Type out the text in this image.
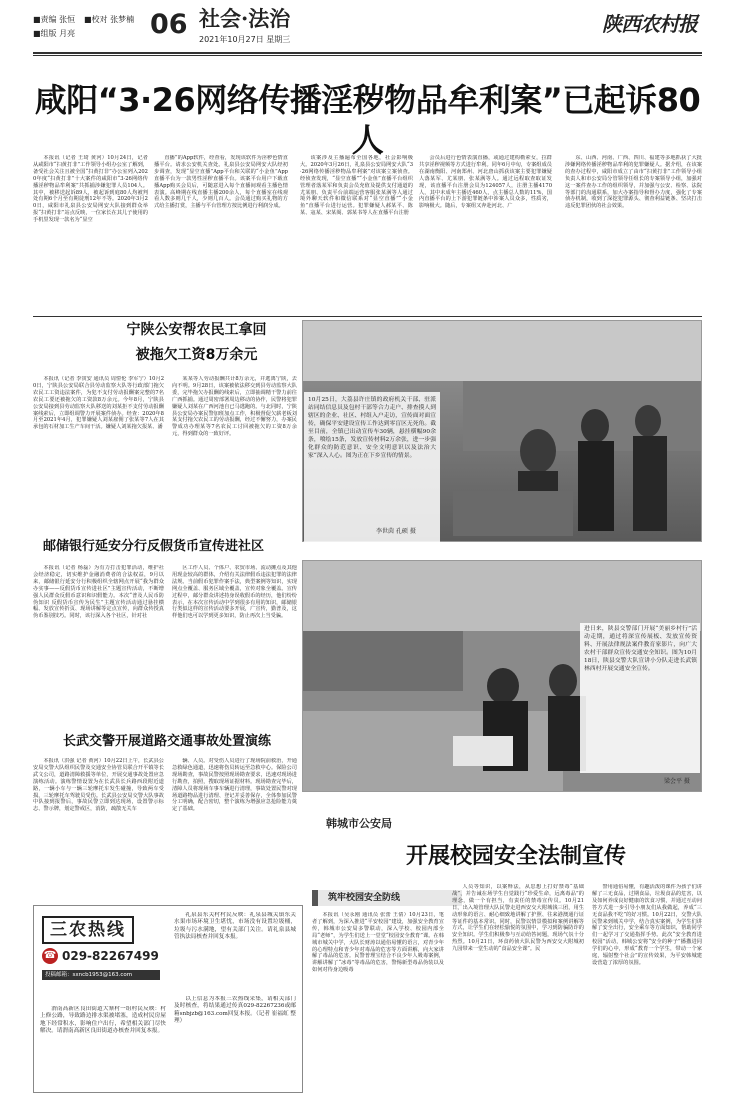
■责编 张恒 ■校对 张梦楠
■组版 月亮	06 社会·法治
2021年10月27日 星期三
陕西农村报
咸阳“3·26网络传播淫秽物品牟利案”已起诉80人

本报讯（记者 王琦 黄河）10月24日，记者从咸阳市“扫黄打非”工作领导小组办公室了解到，备受社会关注且被全国“扫黄打非”办公室列入2020年度“扫黄打非”十大案件的咸阳市“3·26网络传播淫秽物品牟利案”共抓捕涉嫌犯罪人员104人。其中，被移送起诉89人，被起诉到庭80人均被判处有期6个月至有期徒刑12年不等。2020年3月20日，咸阳市礼泉县公安局网安大队接到群众举报“扫黄打非”站点反映，一位家长在其儿子使用的手机里发现一款名为“显空

直播”的App软件，经查看，发现该软件为淫秽色情直播平台。请求公安机关查处。礼泉县公安局网安大队经初步调查，发现“显空直播”App平台和关联的“小金鱼”App直播平台为一款男性淫秽直播平台。该案平台用户下载直播App购买会员后，可随意进入每个直播间观看主播色情表演。高峰期在线直播主播200余人，每个直播室在线观看人数多则几千人，少则几百人。会员通过购买礼物的方式给主播打赏，主播与平台管理方按比例进行利润分成。

该案涉及主播遍布全国各地，社会影响极大。2020年3月26日，礼泉县公安局网安大队“3·26网络传播淫秽物品牟利案”对该案立案侦查。经侦查发现，“显空直播”“小金鱼”直播平台组织管理者落某军和负责会员充值及提供支付通道的尤某朋、负责平台前端运营客服张某满等人通过境外聊天软件和微信联系对“显空直播”“小金鱼”直播平台进行运营。犯罪嫌疑人郝某平、陈某、寇某、宋某阁、郭某书等人在直播平台注册

会员后进行色情表演直播，或通过建构勒索女，拉群共享淫秽视频等方式进行牟利。同年6月中旬，专案组成员在湖南衡阳、河南郑州、河北唐山抓获该案主要犯罪嫌疑人落某军、尤某朋、张某满等人。通过远程取查取证发现，该直播平台注册会员为124057人，注册主播4170人，其中未成年主播近460人，点主播总人数的11%，国内直播平台的上下游犯罪链条中涉案人员众多，性质劣，影响极大。随后，专案组又奔赴河北、广

东、山西、河南、广西、四川、福建等多地抓获了大批涉嫌网络传播淫秽物品牟利的犯罪嫌疑人。据介绍，在该案的查办过程中，咸阳市成立了由市“扫黄打非”工作领导小组负责人和市公安局分管领导任组长的专案领导小组，加强对这一案件查办工作的组织领导，并加强与公安、检察、法院等部门的沟通联系，加大办案指导和督办力度，强化了专案侦办机制，收到了深挖犯罪源头、彻查利益链条、坚决打击违反犯罪团伙的社会效果。

宁陕公安帮农民工拿回
被拖欠工资8万余元

本报讯（记者 李寅安 通讯员 周愷伦 李军宁）10月20日，宁陕县公安局联合县劳动监察大队等行政部门拖欠农民工工资违法案件，为犯不支付劳动报酬案完整的7名农民工要还被拖欠的工资款8万余元。今年8月，宁陕县公安局接到县劳动监察大队移送的刘某拒不支付劳动报酬案线索后，立即组调警力开展案件侦办。经查：2020年8月至2021年4月，犯罪嫌疑人刘某雇佣了张某等7人在其承包的石材加工生产车间干活。嫌疑人刘某拖欠报某、潘

某某等人劳动报酬共计8万余元，并逃离宁陕，去向不明。9月28日，该案被依法移交到县劳动监察大队委，完毕拖欠办报酬的线索后，立即抽调精干警力前往广西抓捕。通过周密部署周边移动的协作，民警将犯罪嫌疑人刘某在广西河池自已马逃跑的。与北同时，宁陕县公安局办案民警加班加点工作，积极督促欠薪老板刘某支付拖欠农民工的劳动报酬，经过不懈努力，办案民警成功办理某等7名农民工讨回被拖欠的工资8万余元，得到群众的一致好评。

10月25日，大荔县许庄镇的政府机关干部、驻派站同结信息员及包村干部等合力走户、排查摸人到辖区的企业、社区、村组入户走访，宣传面对面宣传，确保平安建设宣传工作达到零盲区无死角。截至目前，全镇已出动宣传车30辆，悬挂横幅90余条，喷绘15条，发放宣传材料2万余张，进一步强化群众的防范意识、安全文明意识以及法治大家“深入人心。图为正在下乡宣传的情景。
李世茵 孔硕 摄
邮储银行延安分行反假货币宣传进社区

本报讯（记者 杨磊）为有力打击犯罪活动，维护社会经济稳定，切实维护金融消费者的合法权益，9月以来，邮储银行延安分行积极组织全辖网点开展“我为群众办实事——反假货币宣传进社区”主题宣传活动，不断增强人民群众反假币意识和识假能力。本次“普及人民币防伪知识 反假货币宣传为民生”主题宣传活动通过悬挂横幅、发放宣传折页、现场讲解等定点宣传，向群众传授真伪币鉴别技巧。同时，该行深入各个社区，针对社

区工作人员、个体户、农贸市场、流动摊点及其他用现金较高的群体，介绍有关法律假币违法犯罪的法律法规、当前假币犯罪作案手法，典型案例等知识，实现网点全覆盖、服务区域全覆盖，宣传对象全覆盖。宣传过程中，邮分群众讲述持身误收假币的经历，他们纷纷表示，在本次宣传活动中学到很多有用的知识，邮储银行类似这样的宣传活动要多开展，广宣传，勤普及，这样他们也可以学到更多知识，防止再次上当受骗。

进日来，陕县交警部门开展“美丽乡村行”活动走期，通过将深宣传展板、发放宣传资料、开展法律规法案件教育家影片，向广大农村干部群众宣传交通安全知识。图为10月18日，陕县交警大队宣讲小分队走进长武镇林西村开展交通安全宣传。
梁会平 摄
长武交警开展道路交通事故处置演练

本报讯（洪强 记者 黄河）10月22日上午，长武县公安局交警大队组织民警及交通安全协管员联合开平镇等长武文公司，道路清障救援等单位，开展交通事故处置应急演练活动。演练警情设置为在长武县长兵路西段附近道路，一辆小车与一辆三轮摩托车发生碰撞，导致两车受损，三轮摩托车驾驶员受伤。长武县公安局交警大队事故中队接到报警后，事故民警立即到达现场，设置警示标志、警示牌，划定警戒区，消防，疏散无关车

辆、人员。对受伤人员进行了现场院前救治，开通急救绿色通道，迅速将伤员转运至急救中心。保险公司现场勘查，事故民警按照现场勘查要求，迅速对现场进行勘查，拍照，搜取现场证据材料。现场勘查完毕后，清障人员将现场车事车辆进行清理，事故处置民警对现场道路物品进行清理、登记并妥善保存，全体参加民警分工明确，配合密切，整个演练为增强应急抢险能力奠定了基础。

韩城市公安局
开展校园安全法制宣传
筑牢校园安全防线

本报讯（吴永刚 通讯员 张蕾 王倩）10月23日，笔者了解到，为深入推进“平安校园”建设，加强安全教育宣传，韩城市公安局多警联动，深入学校、校园内部全局“老师”，为学生们送上一堂堂“校园安全教育”课。在韩城市城关中学，大队长财涛以通俗易懂的语言，对青少年的心理特点和青少年对毒品的危害等方面讲解，向大家讲解了毒品的危害。民警普理宝结合不良少年人吸毒案例，讲解讲解了“冰毒”等毒品的危害，警惕新型毒品伪装以及如何对待身边吸毒

人员等知识，以案释法，从思想上打好禁毒“基础战”，并告诫在场学生自觉践行“珍爱生命，远离毒品”的理念，做一个有担当，有责任的禁毒宣传员。10月21日，出入境管理大队民警走进西安交大附城钱三团，用生动形象的语言、耐心细致地讲解了护照、往来港澳通行证等证件的基本常识。同时，民警以情景模拟和案例讲解等方式，让学生们在轻松愉悦的氛围中，学习到防骗防诈的安全知识。学生们积极参与互动给答问题，现场气氛十分热烈。10月21日，环食药侦大队民警为西安交大附城初九园带来一堂生动的“食品安全课”。民

警用通俗易懂，有趣活泼的课件为孩子们讲解了三无食品，过期食品，垃圾食品的危害，以及如何养成良好健康的饮食习惯，并通过互动问答方式进一步引导小朋友们从我做起，养成“三无食品我不吃”的好习惯。10月22日，交警大队民警来到城关中学，结合真实案例，为学生们讲解了安全出行，安全乘车等方面知识，帮助同学们一起学习了交通指挥手势。此次“安全教育进校园”活动，韩城公安将“安全的种子”播撒进同学们的心中，形成“教育一个学生，带动一个家庭，辐射整个社会”的宣传效果，为平安韩城建设营造了浓厚的氛围。

三农热线
☎ 029-82267499
投稿邮箱：sxncb1953@163.com

礼泉县东关村村民反映：礼泉县城关镇东关水果市场环境卫生堪忧，市场没有设置垃圾桶，垃圾与污水满地，望有关部门关注。请礼泉县城管执法局核查并回复本报。

以上信息为本报三农热线采集，请相关部门及时核查，将结果通过传真029-82267236或邮箱snbjzb@163.com回复本报。（记者 崔福虹 整理）

渭南高新区良田街道大寨村一组村民反映：村上修公路，导致路边排水渠被堵塞，造成村民房屋地下经常积水，影响住户出行，希望相关部门尽快解决。请渭南高新区良田街道办核查并回复本报。
